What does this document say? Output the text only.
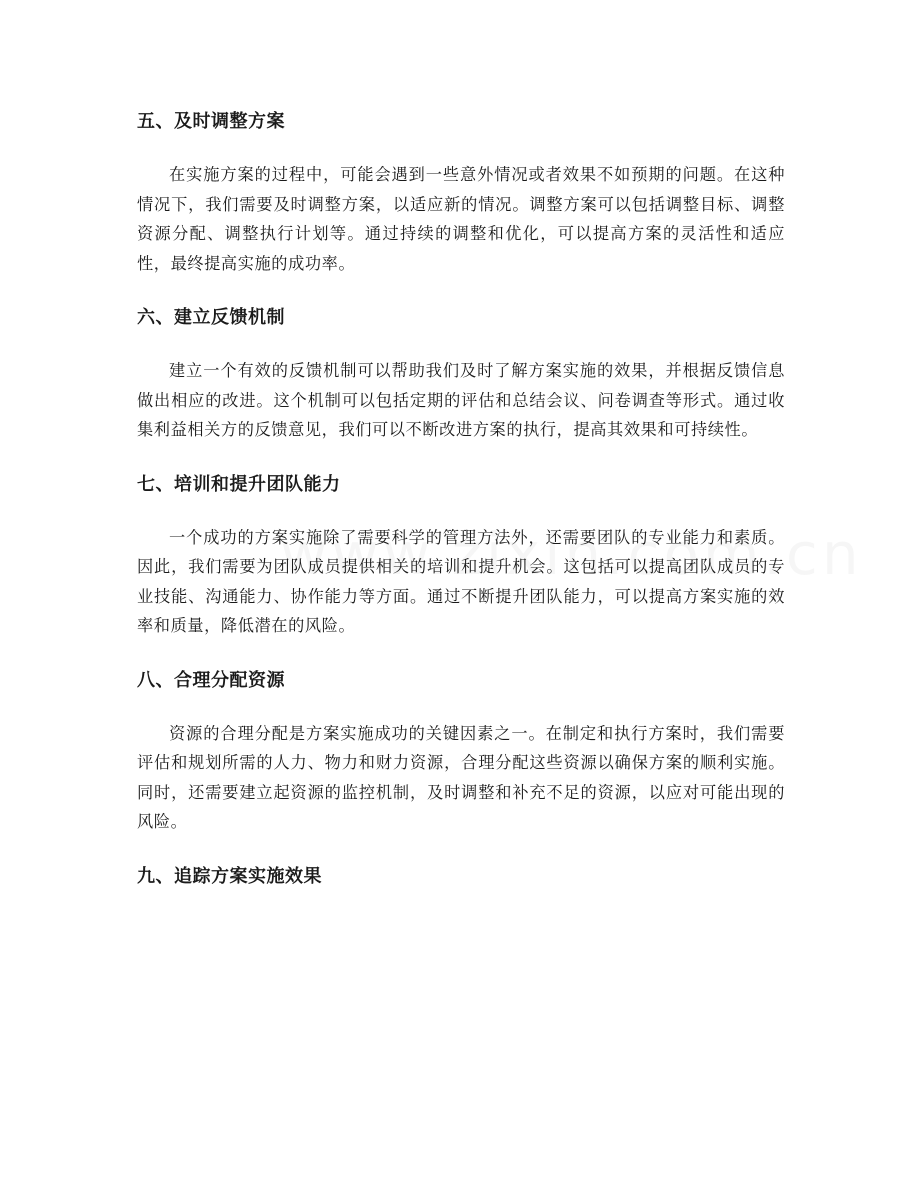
五、及时调整方案

在实施方案的过程中，可能会遇到一些意外情况或者效果不如预期的问题。在这种情况下，我们需要及时调整方案，以适应新的情况。调整方案可以包括调整目标、调整资源分配、调整执行计划等。通过持续的调整和优化，可以提高方案的灵活性和适应性，最终提高实施的成功率。

六、建立反馈机制

建立一个有效的反馈机制可以帮助我们及时了解方案实施的效果，并根据反馈信息做出相应的改进。这个机制可以包括定期的评估和总结会议、问卷调查等形式。通过收集利益相关方的反馈意见，我们可以不断改进方案的执行，提高其效果和可持续性。

七、培训和提升团队能力

一个成功的方案实施除了需要科学的管理方法外，还需要团队的专业能力和素质。因此，我们需要为团队成员提供相关的培训和提升机会。这包括可以提高团队成员的专业技能、沟通能力、协作能力等方面。通过不断提升团队能力，可以提高方案实施的效率和质量，降低潜在的风险。

八、合理分配资源

资源的合理分配是方案实施成功的关键因素之一。在制定和执行方案时，我们需要评估和规划所需的人力、物力和财力资源，合理分配这些资源以确保方案的顺利实施。同时，还需要建立起资源的监控机制，及时调整和补充不足的资源，以应对可能出现的风险。

九、追踪方案实施效果
